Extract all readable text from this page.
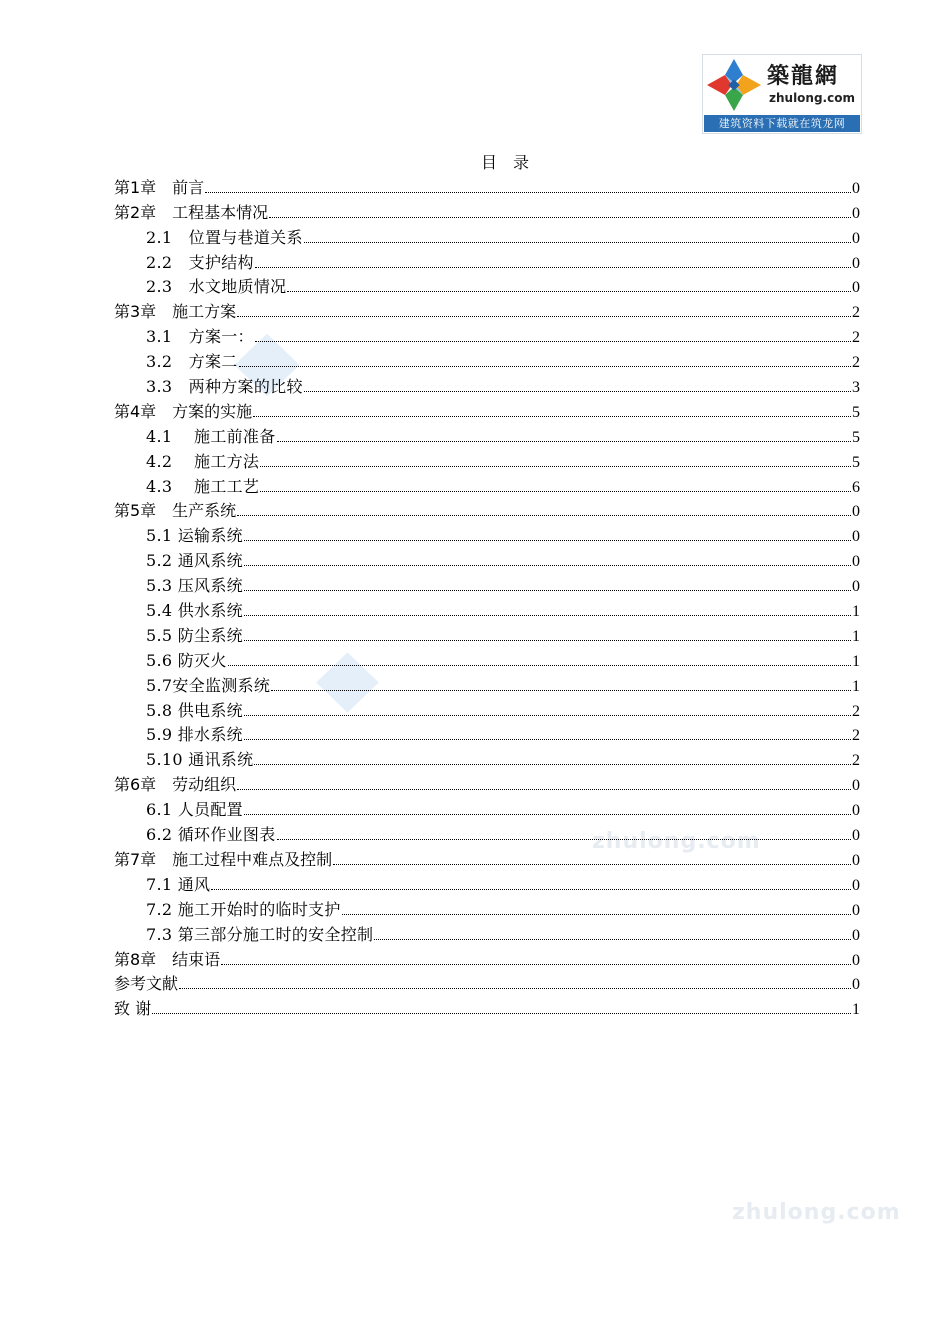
築龍網
zhulong.com
建筑资料下载就在筑龙网
zhulong.com
zhulong.com
目　录
第1章　前言	0
第2章　工程基本情况	0
2.1　位置与巷道关系	0
2.2　支护结构	0
2.3　水文地质情况	0
第3章　施工方案	2
3.1　方案一：	2
3.2　方案二	2
3.3　两种方案的比较	3
第4章　方案的实施	5
4.1　 施工前准备	5
4.2　 施工方法	5
4.3　 施工工艺	6
第5章　生产系统	0
5.1 运输系统	0
5.2 通风系统	0
5.3 压风系统	0
5.4 供水系统	1
5.5 防尘系统	1
5.6 防灭火	1
5.7安全监测系统	1
5.8 供电系统	2
5.9 排水系统	2
5.10 通讯系统	2
第6章　劳动组织	0
6.1 人员配置	0
6.2 循环作业图表	0
第7章　施工过程中难点及控制	0
7.1 通风	0
7.2 施工开始时的临时支护	0
7.3 第三部分施工时的安全控制	0
第8章　结束语	0
参考文献	0
致 谢	1
